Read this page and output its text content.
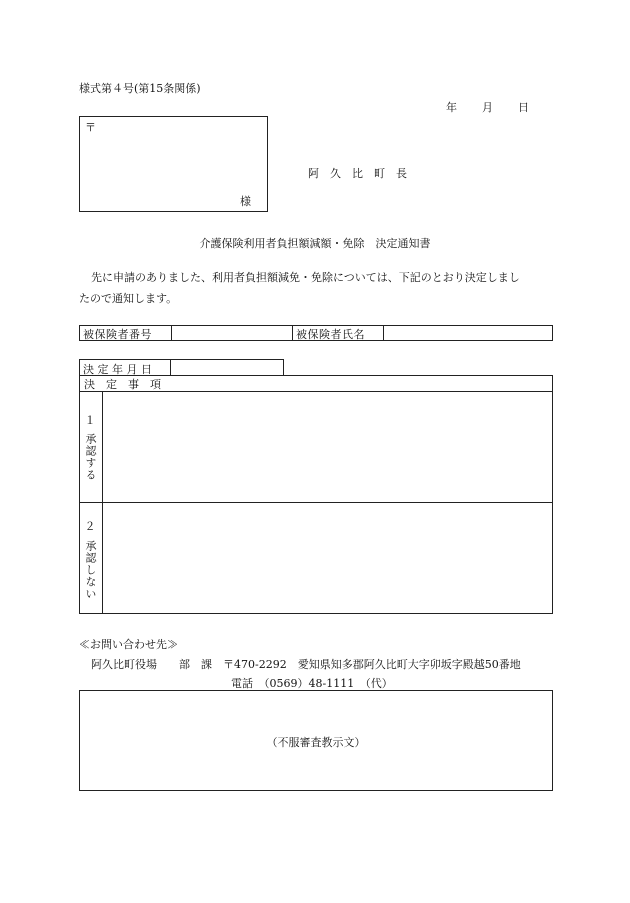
様式第４号(第15条関係)
年 月 日
〒
様
阿　久　比　町　長
介護保険利用者負担額減額・免除　決定通知書
先に申請のありました、利用者負担額減免・免除については、下記のとおり決定しまし
たので通知します。
被保険者番号	被保険者氏名
決 定 年 月 日
決　定　事　項
１
承認する
２
承認しない
≪お問い合わせ先≫
阿久比町役場　　部　課　〒470-2292　愛知県知多郡阿久比町大字卯坂字殿越50番地
電話　（0569）48-1111　（代）
（不服審査教示文）
